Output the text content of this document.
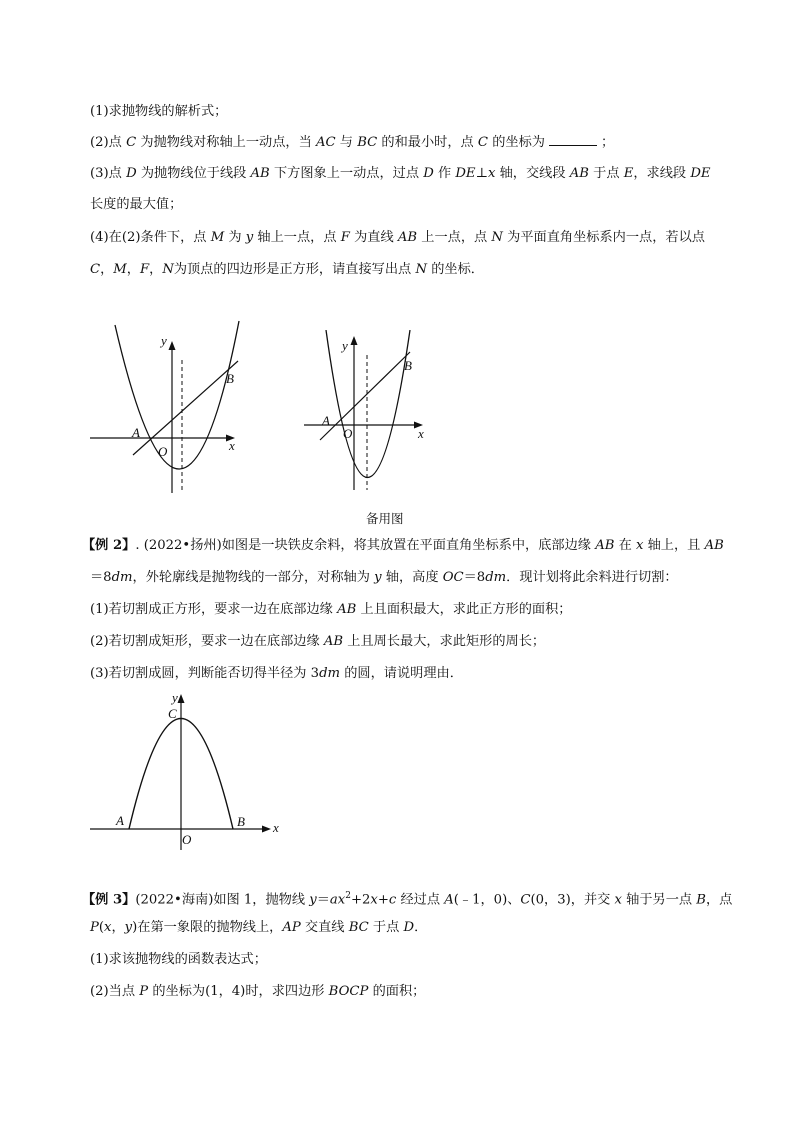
(1)求抛物线的解析式；
(2)点 C 为抛物线对称轴上一动点，当 AC 与 BC 的和最小时，点 C 的坐标为	；
(3)点 D 为抛物线位于线段 AB 下方图象上一动点，过点 D 作 DE⊥x 轴，交线段 AB 于点 E，求线段 DE
长度的最大值；
(4)在(2)条件下，点 M 为 y 轴上一点，点 F 为直线 AB 上一点，点 N 为平面直角坐标系内一点，若以点
C，M，F，N为顶点的四边形是正方形，请直接写出点 N 的坐标．
y
x
A
B
O
y
x
A
B
O
备用图
【例 2】. (2022•扬州)如图是一块铁皮余料，将其放置在平面直角坐标系中，底部边缘 AB 在 x 轴上，且 AB
＝8dm，外轮廓线是抛物线的一部分，对称轴为 y 轴，高度 OC＝8dm．现计划将此余料进行切割：
(1)若切割成正方形，要求一边在底部边缘 AB 上且面积最大，求此正方形的面积；
(2)若切割成矩形，要求一边在底部边缘 AB 上且周长最大，求此矩形的周长；
(3)若切割成圆，判断能否切得半径为 3dm 的圆，请说明理由．
y
C
A	B x
O
【例 3】(2022•海南)如图 1，抛物线 $y=ax^2+2x+c$ 经过点 A(﹣1，0)、C(0，3)，并交 x 轴于另一点 B，点
P(x，y)在第一象限的抛物线上，AP 交直线 BC 于点 D．
(1)求该抛物线的函数表达式；
(2)当点 P 的坐标为(1，4)时，求四边形 BOCP 的面积；
